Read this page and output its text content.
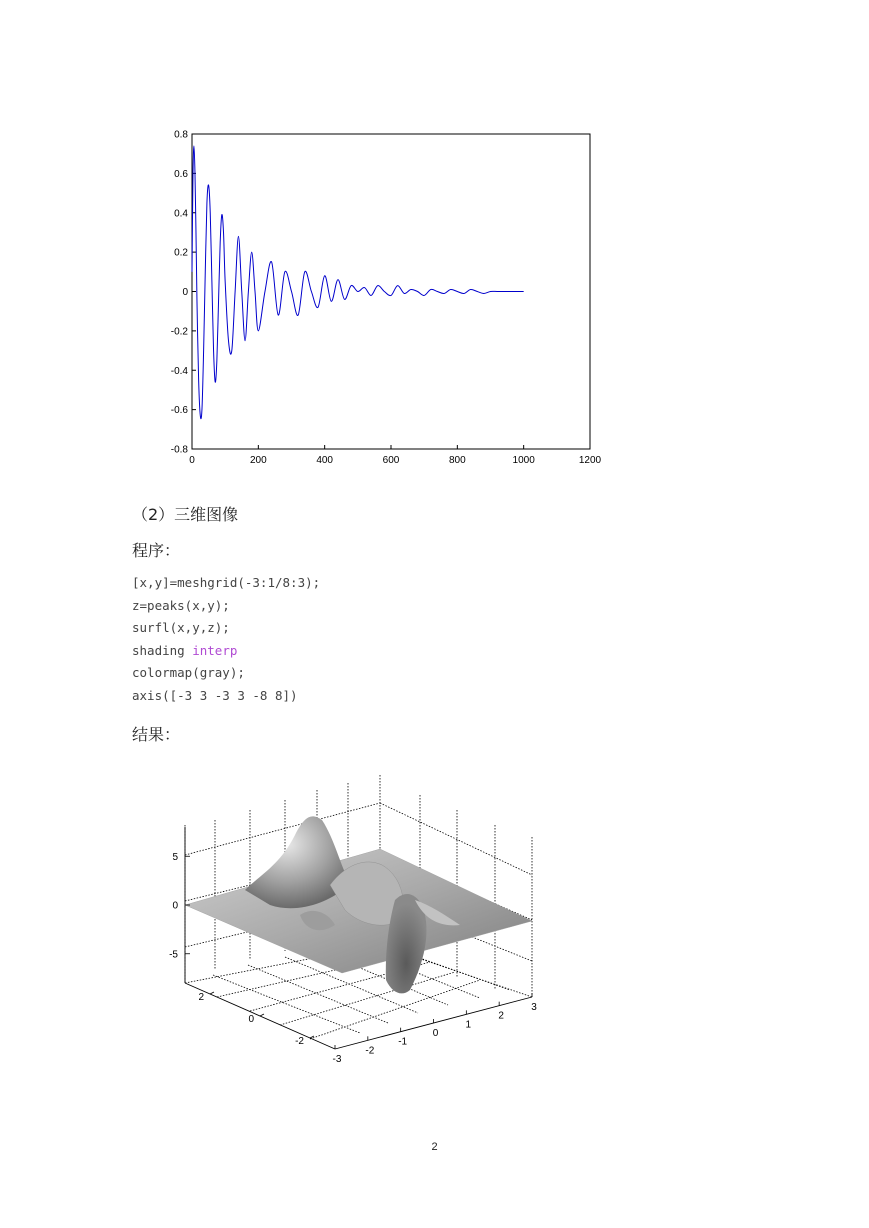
0	200	400	600	800	1000	1200
0.8
0.6
0.4
0.2
0
-0.2
-0.4
-0.6
-0.8
（2）三维图像
程序：
[x,y]=meshgrid(-3:1/8:3);
z=peaks(x,y);
surfl(x,y,z);
shading interp
colormap(gray);
axis([-3 3 -3 3 -8 8])
结果：
5
0
-5
-3
-2
-1
0
1
2
3
-2
0
2
2
